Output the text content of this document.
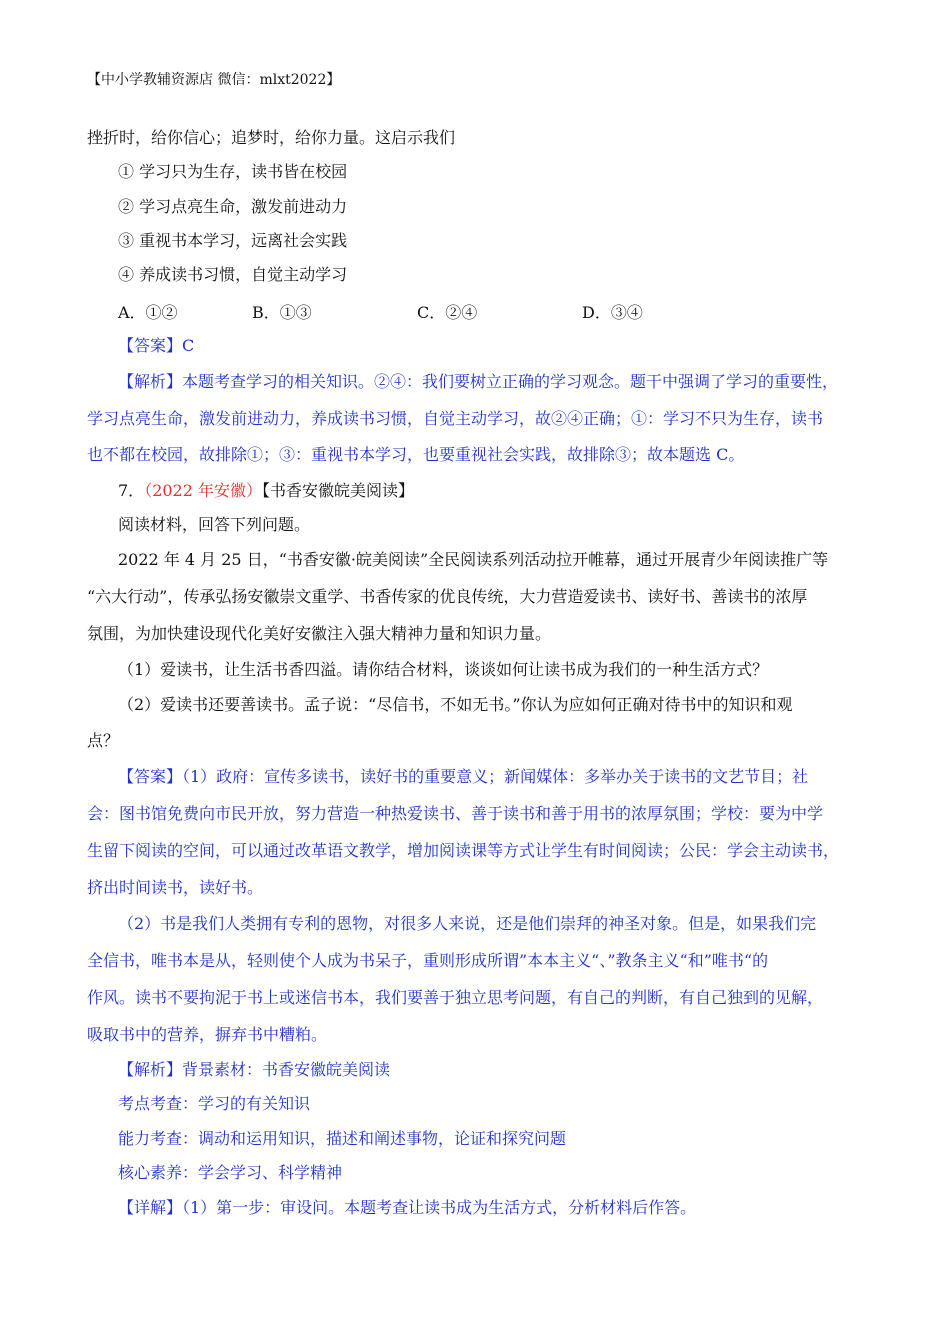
【中小学教辅资源店 微信：mlxt2022】
挫折时，给你信心；追梦时，给你力量。这启示我们
① 学习只为生存，读书皆在校园
② 学习点亮生命，激发前进动力
③ 重视书本学习，远离社会实践
④ 养成读书习惯，自觉主动学习
A．①②	B．①③	C．②④	D．③④
【答案】C
【解析】本题考查学习的相关知识。②④：我们要树立正确的学习观念。题干中强调了学习的重要性，
学习点亮生命，激发前进动力，养成读书习惯，自觉主动学习，故②④正确；①：学习不只为生存，读书
也不都在校园，故排除①；③：重视书本学习，也要重视社会实践，故排除③；故本题选 C。
7．（2022 年安徽）【书香安徽皖美阅读】
阅读材料，回答下列问题。
2022 年 4 月 25 日，“书香安徽·皖美阅读”全民阅读系列活动拉开帷幕，通过开展青少年阅读推广等
“六大行动”，传承弘扬安徽崇文重学、书香传家的优良传统，大力营造爱读书、读好书、善读书的浓厚
氛围，为加快建设现代化美好安徽注入强大精神力量和知识力量。
（1）爱读书，让生活书香四溢。请你结合材料，谈谈如何让读书成为我们的一种生活方式？
（2）爱读书还要善读书。孟子说：“尽信书，不如无书。”你认为应如何正确对待书中的知识和观
点？
【答案】（1）政府：宣传多读书，读好书的重要意义；新闻媒体：多举办关于读书的文艺节目；社
会：图书馆免费向市民开放，努力营造一种热爱读书、善于读书和善于用书的浓厚氛围；学校：要为中学
生留下阅读的空间，可以通过改革语文教学，增加阅读课等方式让学生有时间阅读；公民：学会主动读书，
挤出时间读书，读好书。
（2）书是我们人类拥有专利的恩物，对很多人来说，还是他们崇拜的神圣对象。但是，如果我们完
全信书，唯书本是从，轻则使个人成为书呆子，重则形成所谓”本本主义“、”教条主义“和”唯书“的
作风。读书不要拘泥于书上或迷信书本，我们要善于独立思考问题，有自己的判断，有自己独到的见解，
吸取书中的营养，摒弃书中糟粕。
【解析】背景素材：书香安徽皖美阅读
考点考查：学习的有关知识
能力考查：调动和运用知识，描述和阐述事物，论证和探究问题
核心素养：学会学习、科学精神
【详解】（1）第一步：审设问。本题考查让读书成为生活方式，分析材料后作答。
